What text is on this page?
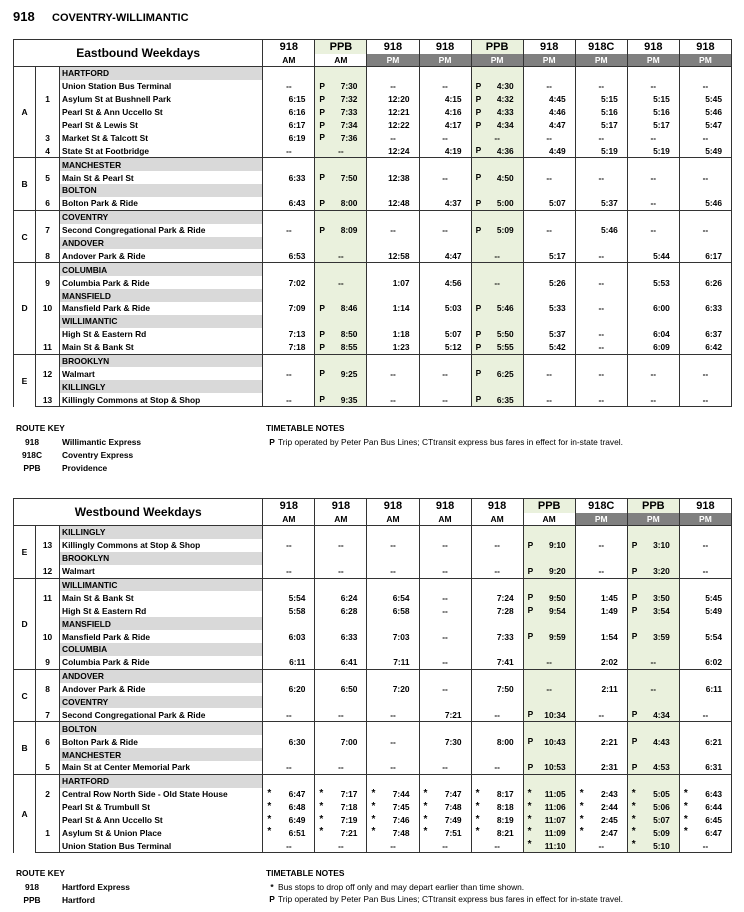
918 COVENTRY-WILLIMANTIC
Eastbound Weekdays			918	PPB	918	918	PPB	918	918C	918	918
			AM	AM	PM	PM	PM	PM	PM	PM	PM
A		HARTFORD									
		Union Station Bus Terminal	--	P 7:30	--	--	P 4:30	--	--	--	--
	1	Asylum St at Bushnell Park	6:15	P 7:32	12:20	4:15	P 4:32	4:45	5:15	5:15	5:45
		Pearl St & Ann Uccello St	6:16	P 7:33	12:21	4:16	P 4:33	4:46	5:16	5:16	5:46
		Pearl St & Lewis St	6:17	P 7:34	12:22	4:17	P 4:34	4:47	5:17	5:17	5:47
	3	Market St & Talcott St	6:19	P 7:36	--	--	--	--	--	--	--
	4	State St at Footbridge	--	--	12:24	4:19	P 4:36	4:49	5:19	5:19	5:49
B		MANCHESTER									
	5	Main St & Pearl St	6:33	P 7:50	12:38	--	P 4:50	--	--	--	--
		BOLTON									
	6	Bolton Park & Ride	6:43	P 8:00	12:48	4:37	P 5:00	5:07	5:37	--	5:46
C		COVENTRY									
	7	Second Congregational Park & Ride	--	P 8:09	--	--	P 5:09	--	5:46	--	--
		ANDOVER									
	8	Andover Park & Ride	6:53	--	12:58	4:47	--	5:17	--	5:44	6:17
D		COLUMBIA									
	9	Columbia Park & Ride	7:02	--	1:07	4:56	--	5:26	--	5:53	6:26
		MANSFIELD									
	10	Mansfield Park & Ride	7:09	P 8:46	1:14	5:03	P 5:46	5:33	--	6:00	6:33
		WILLIMANTIC									
		High St & Eastern Rd	7:13	P 8:50	1:18	5:07	P 5:50	5:37	--	6:04	6:37
	11	Main St & Bank St	7:18	P 8:55	1:23	5:12	P 5:55	5:42	--	6:09	6:42
E		BROOKLYN									
	12	Walmart	--	P 9:25	--	--	P 6:25	--	--	--	--
		KILLINGLY									
	13	Killingly Commons at Stop & Shop	--	P 9:35	--	--	P 6:35	--	--	--	--
ROUTE KEY
918	Willimantic Express
918C Coventry Express
PPB	Providence
TIMETABLE NOTES
P Trip operated by Peter Pan Bus Lines; CTtransit express bus fares in effect for in-state travel.
Westbound Weekdays			918	918	918	918	918	PPB	918C	PPB	918
			AM	AM	AM	AM	AM	AM	PM	PM	PM
E		KILLINGLY									
	13	Killingly Commons at Stop & Shop	--	--	--	--	--	P 9:10	--	P 3:10	--
		BROOKLYN									
	12	Walmart	--	--	--	--	--	P 9:20	--	P 3:20	--
D		WILLIMANTIC									
	11	Main St & Bank St	5:54	6:24	6:54	--	7:24	P 9:50	1:45	P 3:50	5:45
		High St & Eastern Rd	5:58	6:28	6:58	--	7:28	P 9:54	1:49	P 3:54	5:49
		MANSFIELD									
	10	Mansfield Park & Ride	6:03	6:33	7:03	--	7:33	P 9:59	1:54	P 3:59	5:54
		COLUMBIA									
	9	Columbia Park & Ride	6:11	6:41	7:11	--	7:41	--	2:02	--	6:02
C		ANDOVER									
	8	Andover Park & Ride	6:20	6:50	7:20	--	7:50	--	2:11	--	6:11
		COVENTRY									
	7	Second Congregational Park & Ride	--	--	--	7:21	--	P 10:34	--	P 4:34	--
B		BOLTON									
	6	Bolton Park & Ride	6:30	7:00	--	7:30	8:00	P 10:43	2:21	P 4:43	6:21
		MANCHESTER									
	5	Main St at Center Memorial Park	--	--	--	--	--	P 10:53	2:31	P 4:53	6:31
A		HARTFORD									
	2	Central Row North Side - Old State House	* 6:47	* 7:17	* 7:44	* 7:47	* 8:17	* 11:05	* 2:43	* 5:05	* 6:43
		Pearl St & Trumbull St	* 6:48	* 7:18	* 7:45	* 7:48	* 8:18	* 11:06	* 2:44	* 5:06	* 6:44
		Pearl St & Ann Uccello St	* 6:49	* 7:19	* 7:46	* 7:49	* 8:19	* 11:07	* 2:45	* 5:07	* 6:45
	1	Asylum St & Union Place	* 6:51	* 7:21	* 7:48	* 7:51	* 8:21	* 11:09	* 2:47	* 5:09	* 6:47
		Union Station Bus Terminal	--	--	--	--	--	* 11:10	--	* 5:10	--
ROUTE KEY
918	Hartford Express
PPB	Hartford
TIMETABLE NOTES
* Bus stops to drop off only and may depart earlier than time shown.
P Trip operated by Peter Pan Bus Lines; CTtransit express bus fares in effect for in-state travel.
